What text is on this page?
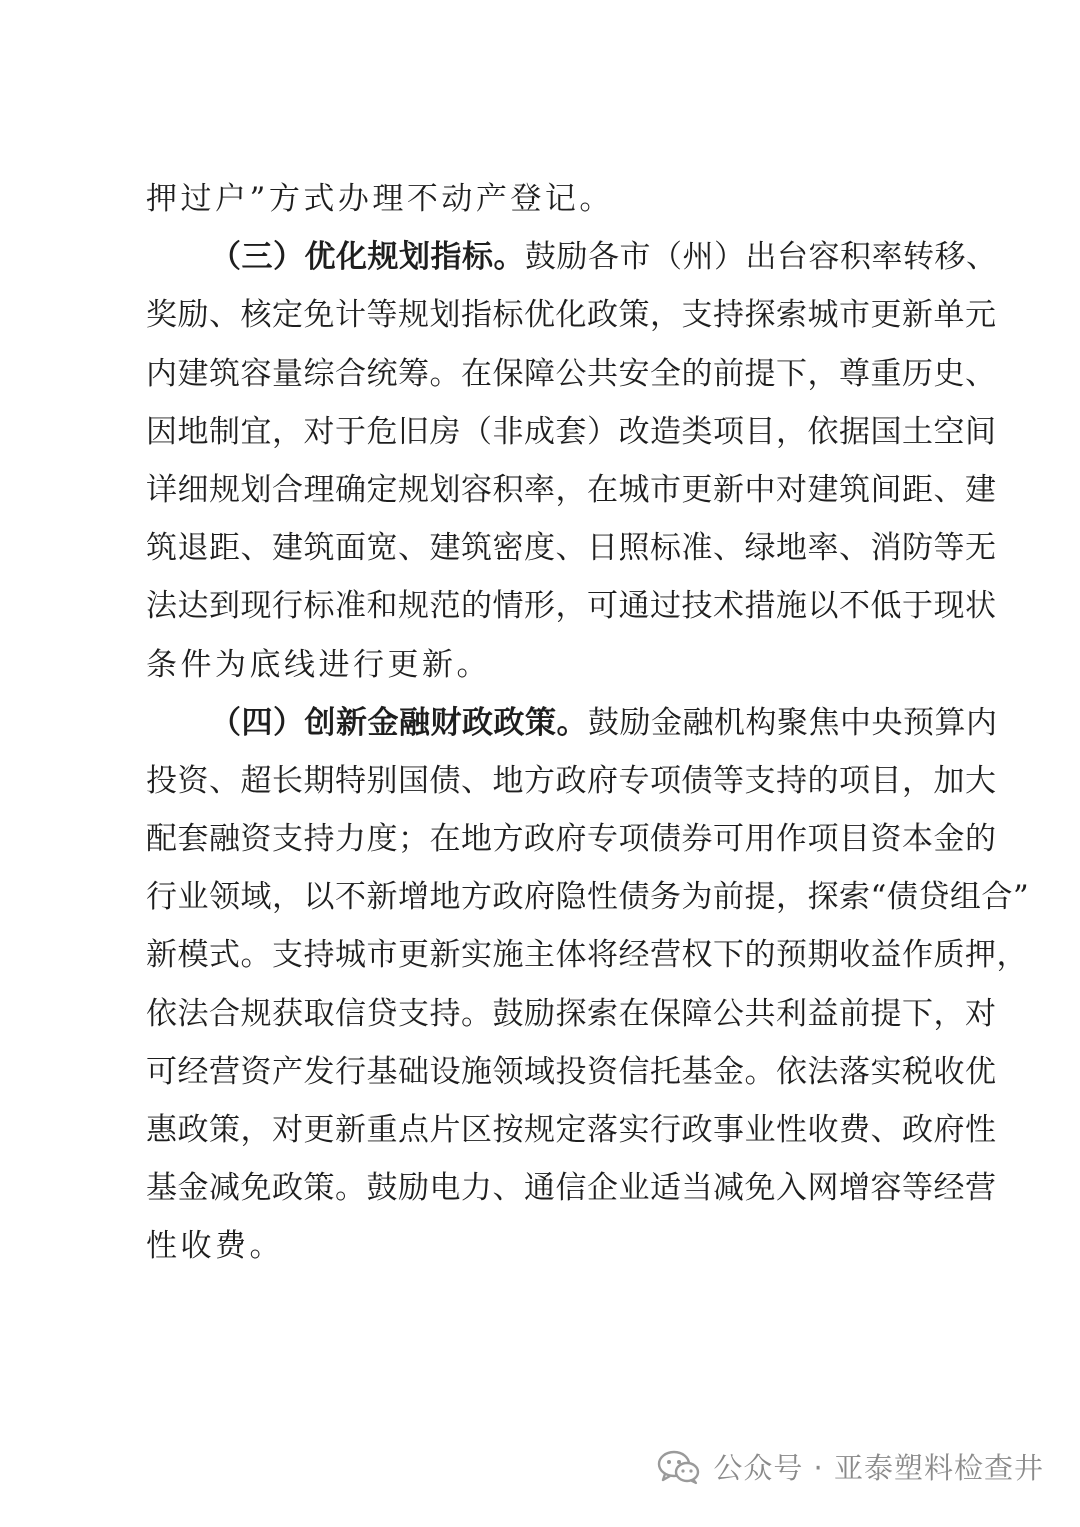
押过户”方式办理不动产登记。
（三）优化规划指标。鼓励各市（州）出台容积率转移、
奖励、核定免计等规划指标优化政策，支持探索城市更新单元
内建筑容量综合统筹。在保障公共安全的前提下，尊重历史、
因地制宜，对于危旧房（非成套）改造类项目，依据国土空间
详细规划合理确定规划容积率，在城市更新中对建筑间距、建
筑退距、建筑面宽、建筑密度、日照标准、绿地率、消防等无
法达到现行标准和规范的情形，可通过技术措施以不低于现状
条件为底线进行更新。
（四）创新金融财政政策。鼓励金融机构聚焦中央预算内
投资、超长期特别国债、地方政府专项债等支持的项目，加大
配套融资支持力度；在地方政府专项债券可用作项目资本金的
行业领域，以不新增地方政府隐性债务为前提，探索“债贷组合”
新模式。支持城市更新实施主体将经营权下的预期收益作质押，
依法合规获取信贷支持。鼓励探索在保障公共利益前提下，对
可经营资产发行基础设施领域投资信托基金。依法落实税收优
惠政策，对更新重点片区按规定落实行政事业性收费、政府性
基金减免政策。鼓励电力、通信企业适当减免入网增容等经营
性收费。
公众号 · 亚泰塑料检查井
